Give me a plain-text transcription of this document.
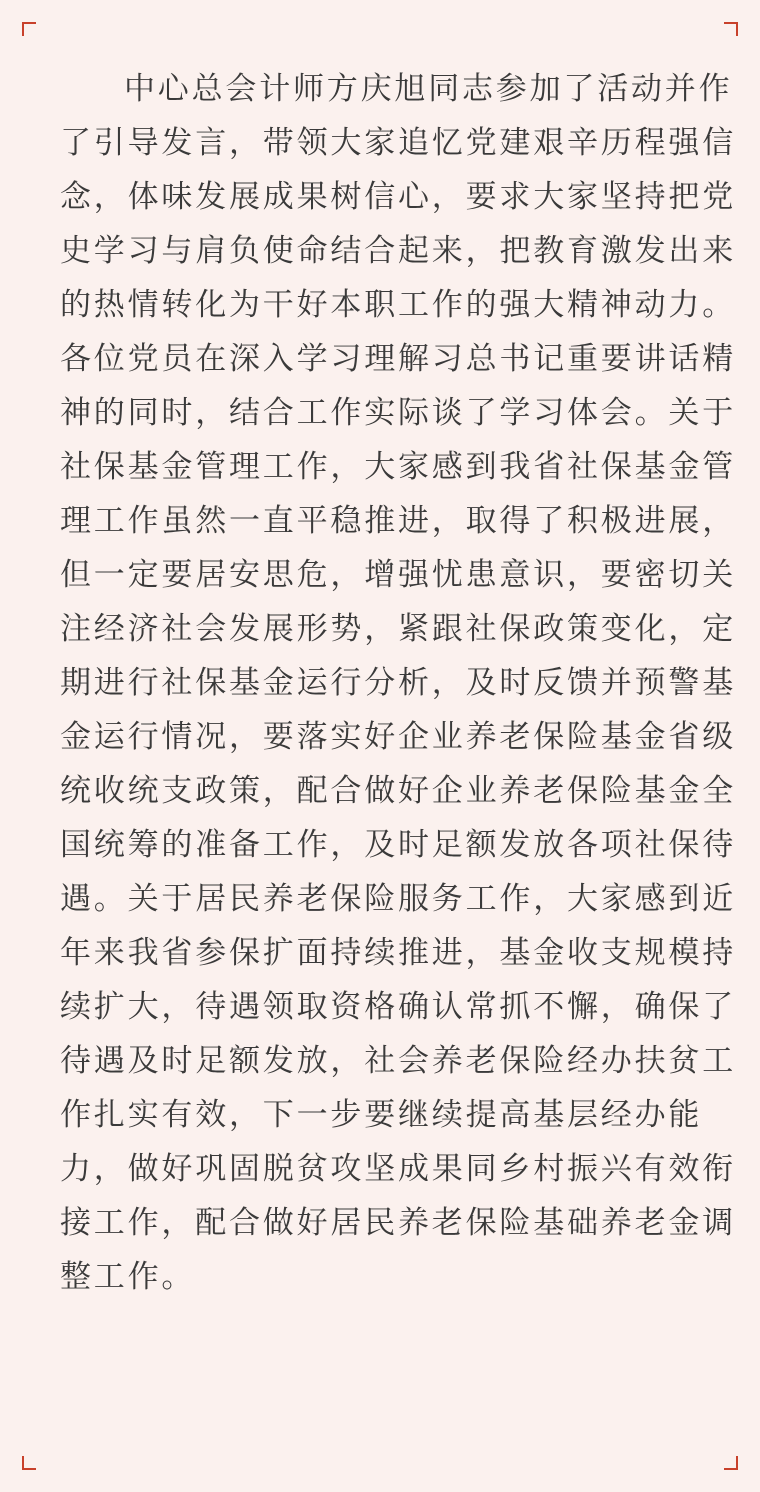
中心总会计师方庆旭同志参加了活动并作
了引导发言，带领大家追忆党建艰辛历程强信
念，体味发展成果树信心，要求大家坚持把党
史学习与肩负使命结合起来，把教育激发出来
的热情转化为干好本职工作的强大精神动力。
各位党员在深入学习理解习总书记重要讲话精
神的同时，结合工作实际谈了学习体会。关于
社保基金管理工作，大家感到我省社保基金管
理工作虽然一直平稳推进，取得了积极进展，
但一定要居安思危，增强忧患意识，要密切关
注经济社会发展形势，紧跟社保政策变化，定
期进行社保基金运行分析，及时反馈并预警基
金运行情况，要落实好企业养老保险基金省级
统收统支政策，配合做好企业养老保险基金全
国统筹的准备工作，及时足额发放各项社保待
遇。关于居民养老保险服务工作，大家感到近
年来我省参保扩面持续推进，基金收支规模持
续扩大，待遇领取资格确认常抓不懈，确保了
待遇及时足额发放，社会养老保险经办扶贫工
作扎实有效，下一步要继续提高基层经办能
力，做好巩固脱贫攻坚成果同乡村振兴有效衔
接工作，配合做好居民养老保险基础养老金调
整工作。
